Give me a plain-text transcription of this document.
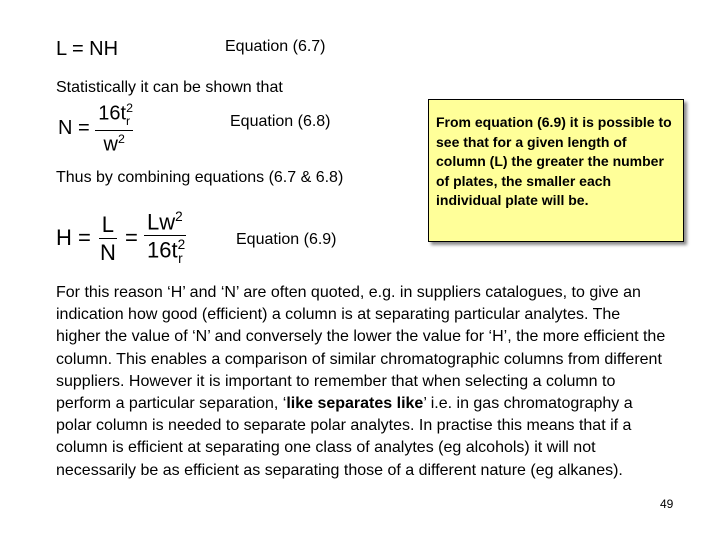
L = NH	Equation (6.7)
Statistically it can be shown that
$N = \frac{16t^2_r}{w^2}$	Equation (6.8)
Thus by combining equations (6.7 & 6.8)
$H = \frac{L}{N} = \frac{Lw^2}{16t^2_r}$	Equation (6.9)
From equation (6.9) it is possible to see that for a given length of column (L) the greater the number of plates, the smaller each individual plate will be.
For this reason ‘H’ and ‘N’ are often quoted, e.g. in suppliers catalogues, to give an indication how good (efficient) a column is at separating particular analytes. The higher the value of ‘N’ and conversely the lower the value for ‘H’, the more efficient the column. This enables a comparison of similar chromatographic columns from different suppliers. However it is important to remember that when selecting a column to perform a particular separation, ‘like separates like’ i.e. in gas chromatography a polar column is needed to separate polar analytes. In practise this means that if a column is efficient at separating one class of analytes (eg alcohols) it will not necessarily be as efficient as separating those of a different nature (eg alkanes).
49
